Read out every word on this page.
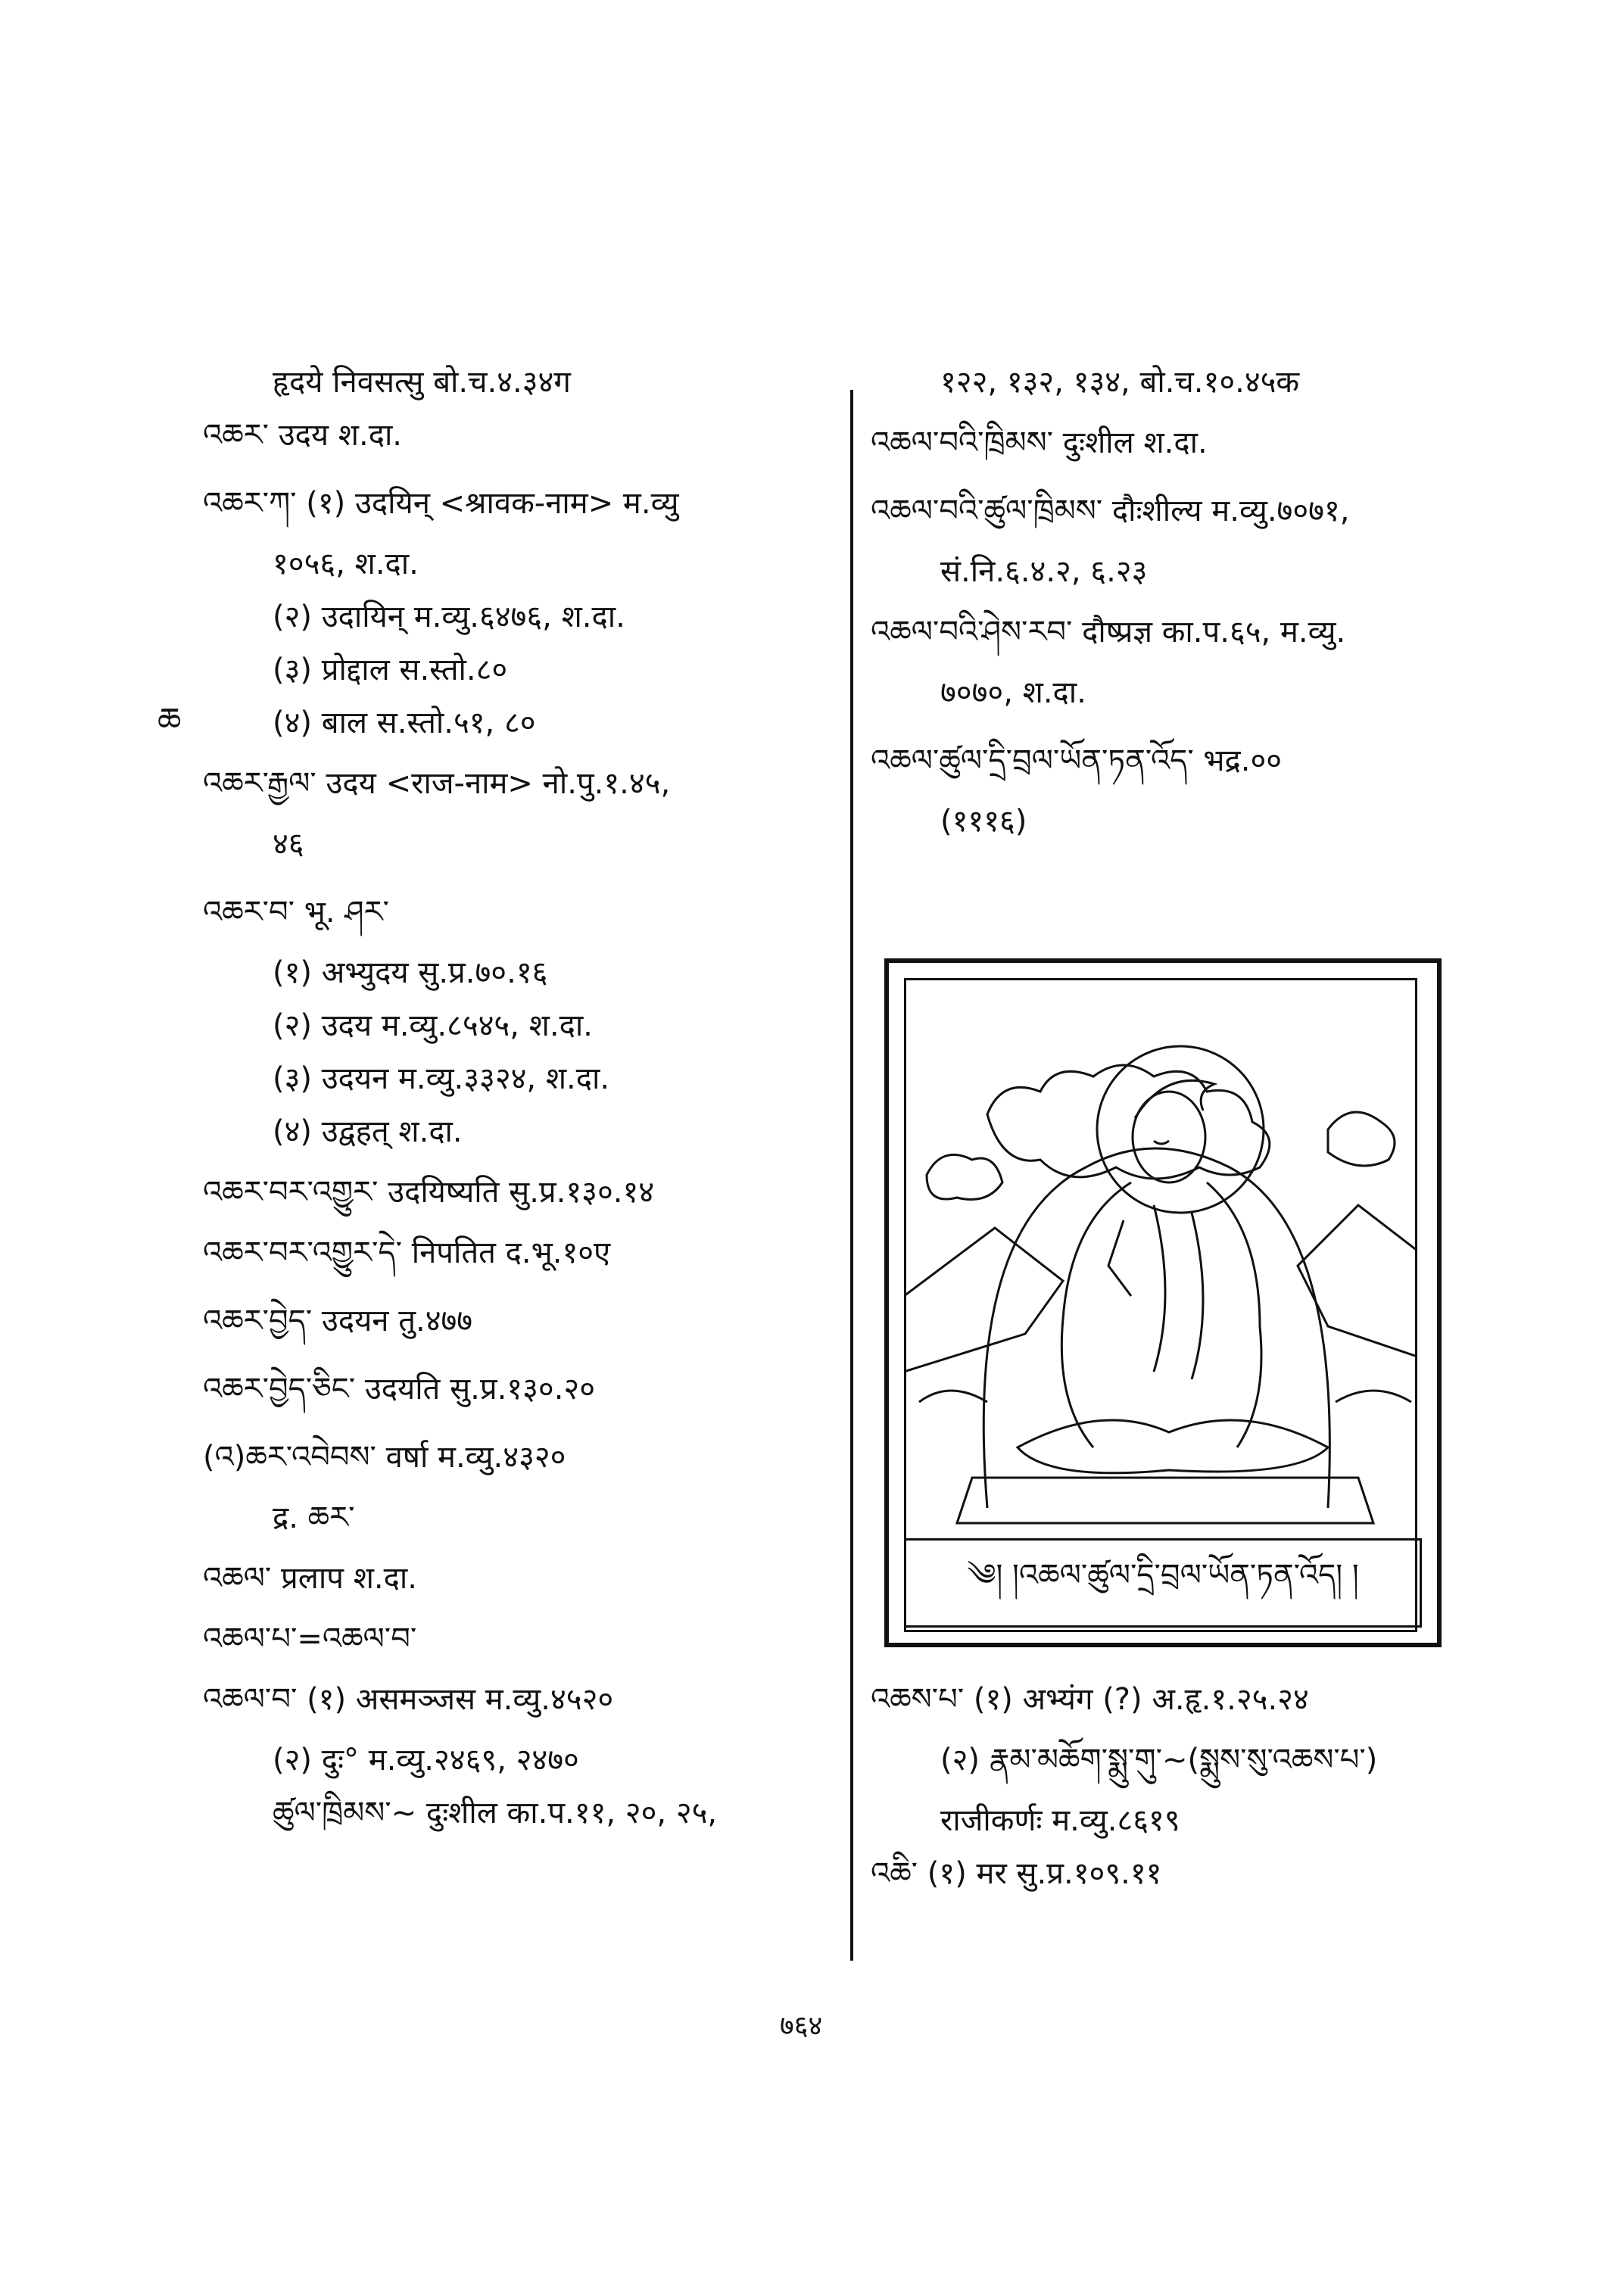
ཆ

हृदये निवसत्सु बो.च.४.३४ग

འཆར་ उदय श.दा.

འཆར་ཀ་ (१) उदयिन् <श्रावक-नाम> म.व्यु

१०५६, श.दा.

(२) उदायिन् म.व्यु.६४७६, श.दा.

(३) प्रोद्दाल स.स्तो.८०

(४) बाल स.स्तो.५१, ८०

འཆར་རྒྱལ་ उदय <राज-नाम> नो.पु.१.४५,

४६

འཆར་བ་ भू. ཤར་

(१) अभ्युदय सु.प्र.७०.१६

(२) उदय म.व्यु.८५४५, श.दा.

(३) उदयन म.व्यु.३३२४, श.दा.

(४) उद्वहत् श.दा.

འཆར་བར་འགྱུར་ उदयिष्यति सु.प्र.१३०.१४

འཆར་བར་འགྱུར་དེ་ निपतित द.भू.१०ए

འཆར་བྱེད་ उदयन तु.४७७

འཆར་བྱེད་ཅིང་ उदयति सु.प्र.१३०.२०

(འ)ཆར་འབེབས་ वर्षा म.व्यु.४३२०

द्र. ཆར་

འཆལ་ प्रलाप श.दा.

འཆལ་པ་=འཆལ་བ་

འཆལ་བ་ (१) असमञ्जस म.व्यु.४५२०

(२) दुः° म.व्यु.२४६९, २४७०

ཚུལ་ཁྲིམས་~ दुःशील का.प.११, २०, २५,

१२२, १३२, १३४, बो.च.१०.४५क

འཆལ་བའི་ཁྲིམས་ दुःशील श.दा.

འཆལ་བའི་ཚུལ་ཁྲིམས་ दौःशील्य म.व्यु.७०७१,

सं.नि.६.४.२, ६.२३

འཆལ་བའི་ཤེས་རབ་ दौष्प्रज्ञ का.प.६५, म.व्यु.

७०७०, श.दा.

འཆལ་ཚུལ་དྲི་བྲལ་ཡོན་ཏན་འོད་ भद्र.००

(१११६)

འཆས་པ་ (१) अभ्यंग (?) अ.हृ.१.२५.२४

(२) རྣམ་མཆོག་སྨུ་གུ་~(སྨུས་སུ་འཆས་པ་)

राजीकर्णः म.व्यु.८६१९

འཆི་ (१) मर सु.प्र.१०९.११

༄། །འཆལ་ཚུལ་དྲི་བྲལ་ཡོན་ཏན་འོད། །
७६४
